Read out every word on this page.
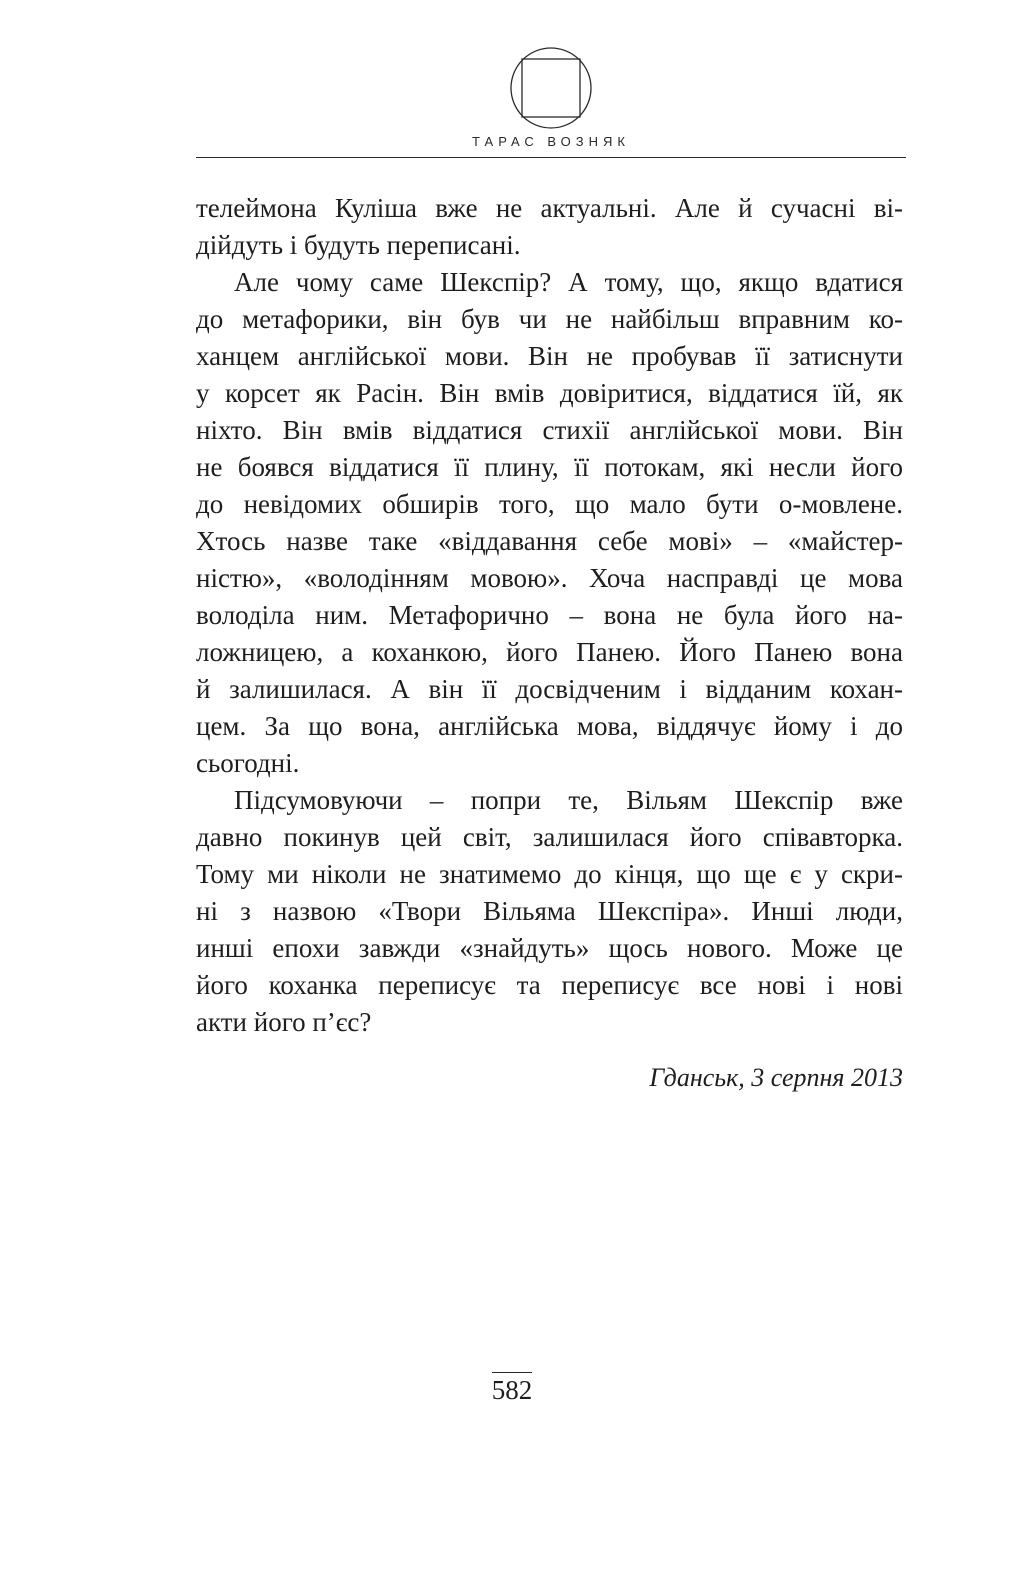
ТАРАС ВОЗНЯК

телеймона Куліша вже не актуальні. Але й сучасні ві-
дійдуть і будуть переписані.

Але чому саме Шекспір? А тому, що, якщо вдатися
до метафорики, він був чи не найбільш вправним ко-
ханцем англійської мови. Він не пробував її затиснути
у корсет як Расін. Він вмів довіритися, віддатися їй, як
ніхто. Він вмів віддатися стихії англійської мови. Він
не боявся віддатися її плину, її потокам, які несли його
до невідомих обширів того, що мало бути о-мовлене.
Хтось назве таке «віддавання себе мові» – «майстер-
ністю», «володінням мовою». Хоча насправді це мова
володіла ним. Метафорично – вона не була його на-
ложницею, а коханкою, його Панею. Його Панею вона
й залишилася. А він її досвідченим і відданим кохан-
цем. За що вона, англійська мова, віддячує йому і до
сьогодні.

Підсумовуючи – попри те, Вільям Шекспір вже
давно покинув цей світ, залишилася його співавторка.
Тому ми ніколи не знатимемо до кінця, що ще є у скри-
ні з назвою «Твори Вільяма Шекспіра». Инші люди,
инші епохи завжди «знайдуть» щось нового. Може це
його коханка переписує та переписує все нові і нові
акти його п’єс?

Гданськ, 3 серпня 2013
582
